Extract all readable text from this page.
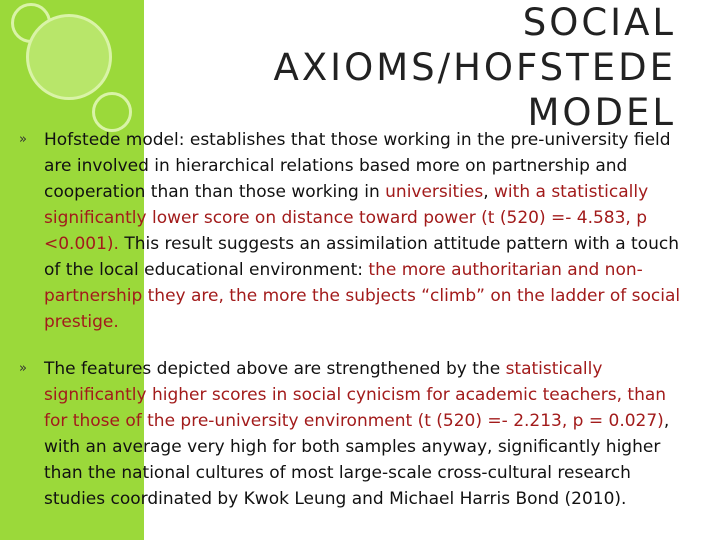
SOCIAL
AXIOMS/HOFSTEDE
MODEL
»	Hofstede model: establishes that those working in the pre-university field are involved in hierarchical relations based more on partnership and cooperation than than those working in universities, with a statistically significantly lower score on distance toward power (t (520) =- 4.583, p <0.001). This result suggests an assimilation attitude pattern with a touch of the local educational environment: the more authoritarian and non-partnership they are, the more the subjects “climb” on the ladder of social prestige.
»	The features depicted above are strengthened by the statistically significantly higher scores in social cynicism for academic teachers, than for those of the pre-university environment (t (520) =- 2.213, p = 0.027), with an average very high for both samples anyway, significantly higher than the national cultures of most large-scale cross‐cultural research studies coordinated by Kwok Leung and Michael Harris Bond (2010).
